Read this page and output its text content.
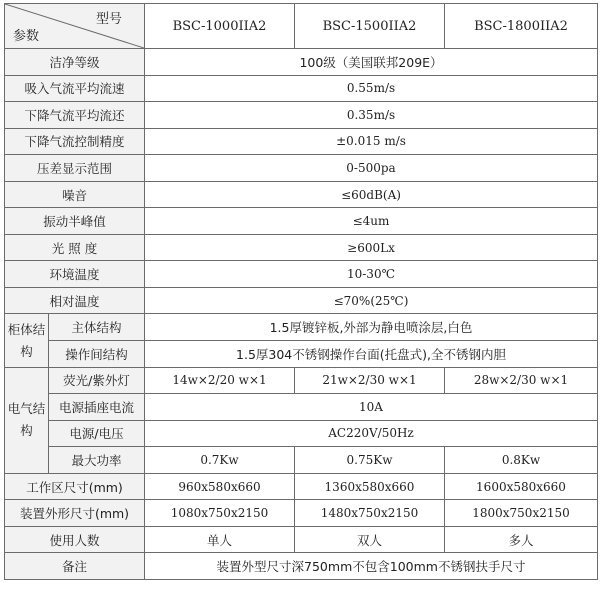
型号
参数		BSC-1000IIA2	BSC-1500IIA2	BSC-1800IIA2
洁净等级		100级（美国联邦209E）		
吸入气流平均流速		0.55m/s		
下降气流平均流还		0.35m/s		
下降气流控制精度		±0.015 m/s		
压差显示范围		0-500pa		
噪音		≤60dB(A)		
振动半峰值		≤4um		
光 照 度		≥600Lx		
环境温度		10-30℃		
相对温度		≤70%(25℃)		
柜体结构	主体结构	1.5厚镀锌板,外部为静电喷涂层,白色		
	操作间结构	1.5厚304不锈钢操作台面(托盘式),全不锈钢内胆		
电气结构	荧光/紫外灯	14w×2/20 w×1	21w×2/30 w×1	28w×2/30 w×1
	电源插座电流	10A		
	电源/电压	AC220V/50Hz		
	最大功率	0.7Kw	0.75Kw	0.8Kw
工作区尺寸(mm)		960x580x660	1360x580x660	1600x580x660
装置外形尺寸(mm)		1080x750x2150	1480x750x2150	1800x750x2150
使用人数		单人	双人	多人
备注		装置外型尺寸深750mm不包含100mm不锈钢扶手尺寸		
